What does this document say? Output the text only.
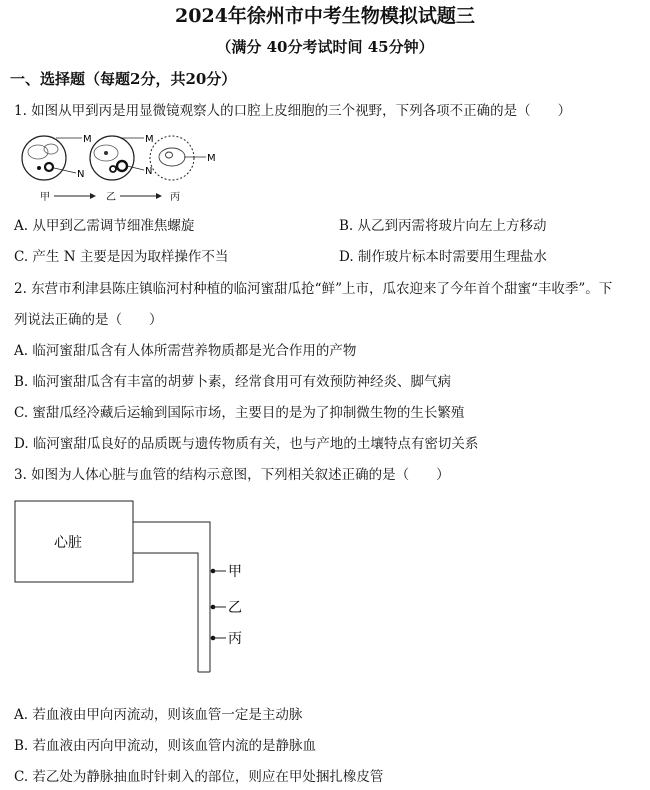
2024年徐州市中考生物模拟试题三
（满分 40分考试时间 45分钟）
一、选择题（每题2分，共20分）
1. 如图从甲到丙是用显微镜观察人的口腔上皮细胞的三个视野，下列各项不正确的是（　　）
M
N
M
N
M
甲	乙	丙
A. 从甲到乙需调节细准焦螺旋	B. 从乙到丙需将玻片向左上方移动
C. 产生 N 主要是因为取样操作不当	D. 制作玻片标本时需要用生理盐水
2. 东营市利津县陈庄镇临河村种植的临河蜜甜瓜抢“鲜”上市，瓜农迎来了今年首个甜蜜“丰收季”。下
列说法正确的是（　　）
A. 临河蜜甜瓜含有人体所需营养物质都是光合作用的产物
B. 临河蜜甜瓜含有丰富的胡萝卜素，经常食用可有效预防神经炎、脚气病
C. 蜜甜瓜经冷藏后运输到国际市场，主要目的是为了抑制微生物的生长繁殖
D. 临河蜜甜瓜良好的品质既与遗传物质有关，也与产地的土壤特点有密切关系
3. 如图为人体心脏与血管的结构示意图，下列相关叙述正确的是（　　）
心脏
甲
乙
丙
A. 若血液由甲向丙流动，则该血管一定是主动脉
B. 若血液由丙向甲流动，则该血管内流的是静脉血
C. 若乙处为静脉抽血时针刺入的部位，则应在甲处捆扎橡皮管
